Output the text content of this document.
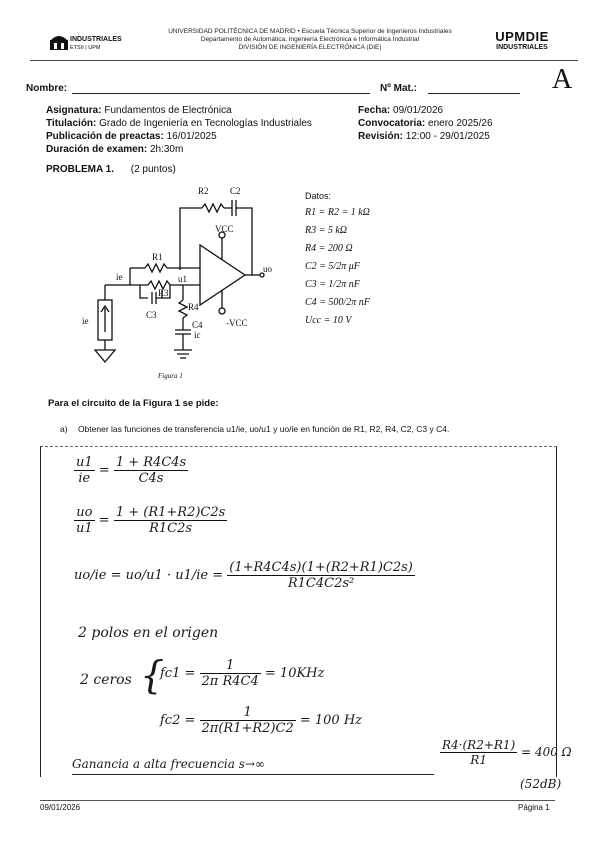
INDUSTRIALES
ETSII | UPM
UNIVERSIDAD POLITÉCNICA DE MADRID • Escuela Técnica Superior de Ingenieros Industriales
Departamento de Automática, Ingeniería Electrónica e Informática Industrial
DIVISIÓN DE INGENIERÍA ELECTRÓNICA (DIE)
UPMDIE
INDUSTRIALES
Nombre:	Nº Mat.:	A
Asignatura: Fundamentos de Electrónica
Titulación: Grado de Ingeniería en Tecnologías Industriales
Publicación de preactas: 16/01/2025
Duración de examen: 2h:30m
Fecha: 09/01/2026
Convocatoria: enero 2025/26
Revisión: 12:00 - 29/01/2025
PROBLEMA 1. (2 puntos)
R2 C2
VCC
R1
u1
uo
ie
R3
C3
R4
C4
ic
-VCC
ie
Figura 1
Datos:
R1 = R2 = 1 kΩ
R3 = 5 kΩ
R4 = 200 Ω
C2 = 5/2π μF
C3 = 1/2π nF
C4 = 500/2π nF
Ucc = 10 V
Para el circuito de la Figura 1 se pide:
a) Obtener las funciones de transferencia u1/ie, uo/u1 y uo/ie en función de R1, R2, R4, C2, C3 y C4.
$\frac{u1}{ie} = \frac{1 + R4C4s}{C4s}$
$\frac{uo}{u1} = \frac{1 + (R1+R2)C2s}{R1C2s}$
$uo/ie = uo/u1 \cdot u1/ie = \frac{(1+R4C4s)(1+(R2+R1)C2s)}{\text{R1C4C2s²}}$
2 polos en el origen
2 ceros {
$fc1 = \frac{1}{\text{2π R4C4}} = 10KHz$
$fc2 = \frac{1}{2\pi(R1+R2)C2} = 100$ Hz
Ganancia a alta frecuencia s→∞	$\frac{R4\cdot(R2+R1)}{R1} = 400$ Ω
(52dB)
09/01/2026	Página 1
